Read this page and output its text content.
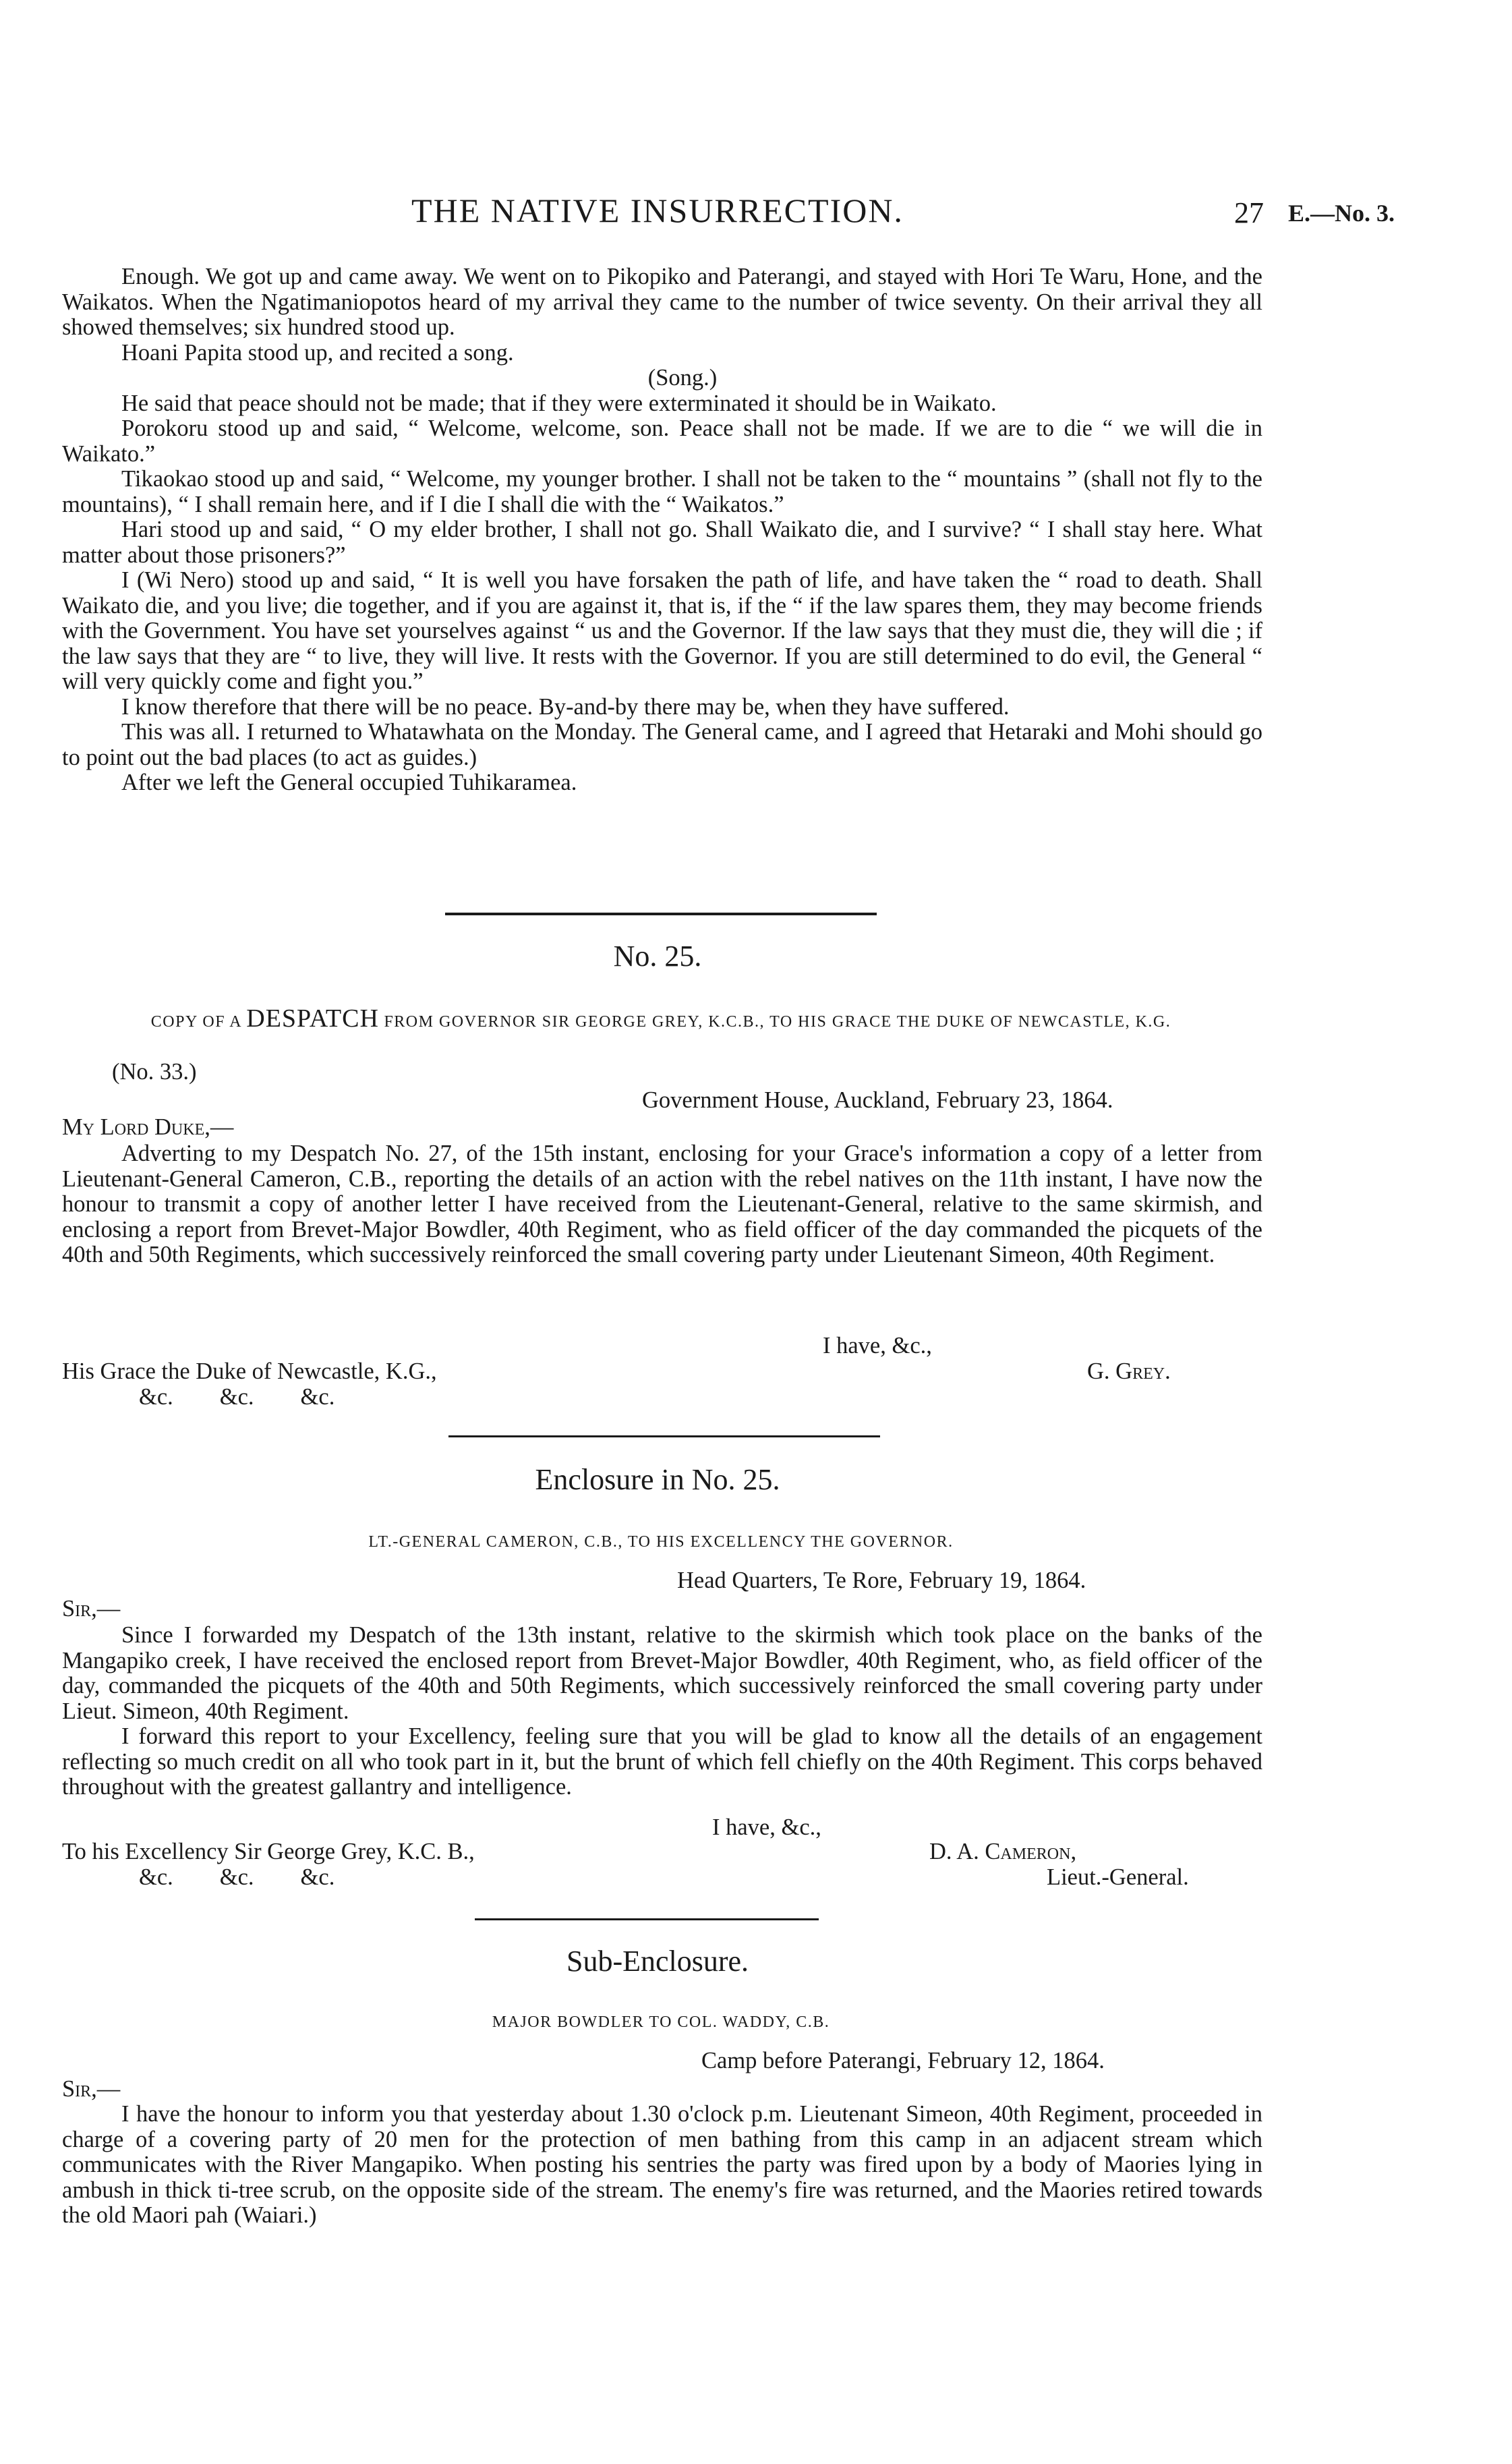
THE NATIVE INSURRECTION.	27 E.—No. 3.

Enough. We got up and came away. We went on to Pikopiko and Paterangi, and stayed with Hori Te Waru, Hone, and the Waikatos. When the Ngatimaniopotos heard of my arrival they came to the number of twice seventy. On their arrival they all showed themselves; six hundred stood up.

Hoani Papita stood up, and recited a song.

(Song.)

He said that peace should not be made; that if they were exterminated it should be in Waikato.

Porokoru stood up and said, “ Welcome, welcome, son. Peace shall not be made. If we are to die “ we will die in Waikato.”

Tikaokao stood up and said, “ Welcome, my younger brother. I shall not be taken to the “ mountains ” (shall not fly to the mountains), “ I shall remain here, and if I die I shall die with the “ Waikatos.”

Hari stood up and said, “ O my elder brother, I shall not go. Shall Waikato die, and I survive? “ I shall stay here. What matter about those prisoners?”

I (Wi Nero) stood up and said, “ It is well you have forsaken the path of life, and have taken the “ road to death. Shall Waikato die, and you live; die together, and if you are against it, that is, if the “ if the law spares them, they may become friends with the Government. You have set yourselves against “ us and the Governor. If the law says that they must die, they will die ; if the law says that they are “ to live, they will live. It rests with the Governor. If you are still determined to do evil, the General “ will very quickly come and fight you.”

I know therefore that there will be no peace. By-and-by there may be, when they have suffered.

This was all. I returned to Whatawhata on the Monday. The General came, and I agreed that Hetaraki and Mohi should go to point out the bad places (to act as guides.)

After we left the General occupied Tuhikaramea.

No. 25.
COPY OF A DESPATCH FROM GOVERNOR SIR GEORGE GREY, K.C.B., TO HIS GRACE THE DUKE OF NEWCASTLE, K.G.
(No. 33.)
Government House, Auckland, February 23, 1864.
My Lord Duke,—

Adverting to my Despatch No. 27, of the 15th instant, enclosing for your Grace's information a copy of a letter from Lieutenant-General Cameron, C.B., reporting the details of an action with the rebel natives on the 11th instant, I have now the honour to transmit a copy of another letter I have received from the Lieutenant-General, relative to the same skirmish, and enclosing a report from Brevet-Major Bowdler, 40th Regiment, who as field officer of the day commanded the picquets of the 40th and 50th Regiments, which successively reinforced the small covering party under Lieutenant Simeon, 40th Regiment.

I have, &c.,
His Grace the Duke of Newcastle, K.G.,	G. Grey.
&c.        &c.        &c.
Enclosure in No. 25.
LT.-GENERAL CAMERON, C.B., TO HIS EXCELLENCY THE GOVERNOR.
Head Quarters, Te Rore, February 19, 1864.
Sir,—

Since I forwarded my Despatch of the 13th instant, relative to the skirmish which took place on the banks of the Mangapiko creek, I have received the enclosed report from Brevet-Major Bowdler, 40th Regiment, who, as field officer of the day, commanded the picquets of the 40th and 50th Regiments, which successively reinforced the small covering party under Lieut. Simeon, 40th Regiment.

I forward this report to your Excellency, feeling sure that you will be glad to know all the details of an engagement reflecting so much credit on all who took part in it, but the brunt of which fell chiefly on the 40th Regiment. This corps behaved throughout with the greatest gallantry and intelligence.

I have, &c.,
To his Excellency Sir George Grey, K.C. B.,	D. A. Cameron,
&c.        &c.        &c.	Lieut.-General.
Sub-Enclosure.
MAJOR BOWDLER TO COL. WADDY, C.B.
Camp before Paterangi, February 12, 1864.
Sir,—

I have the honour to inform you that yesterday about 1.30 o'clock p.m. Lieutenant Simeon, 40th Regiment, proceeded in charge of a covering party of 20 men for the protection of men bathing from this camp in an adjacent stream which communicates with the River Mangapiko. When posting his sentries the party was fired upon by a body of Maories lying in ambush in thick ti-tree scrub, on the opposite side of the stream. The enemy's fire was returned, and the Maories retired towards the old Maori pah (Waiari.)
